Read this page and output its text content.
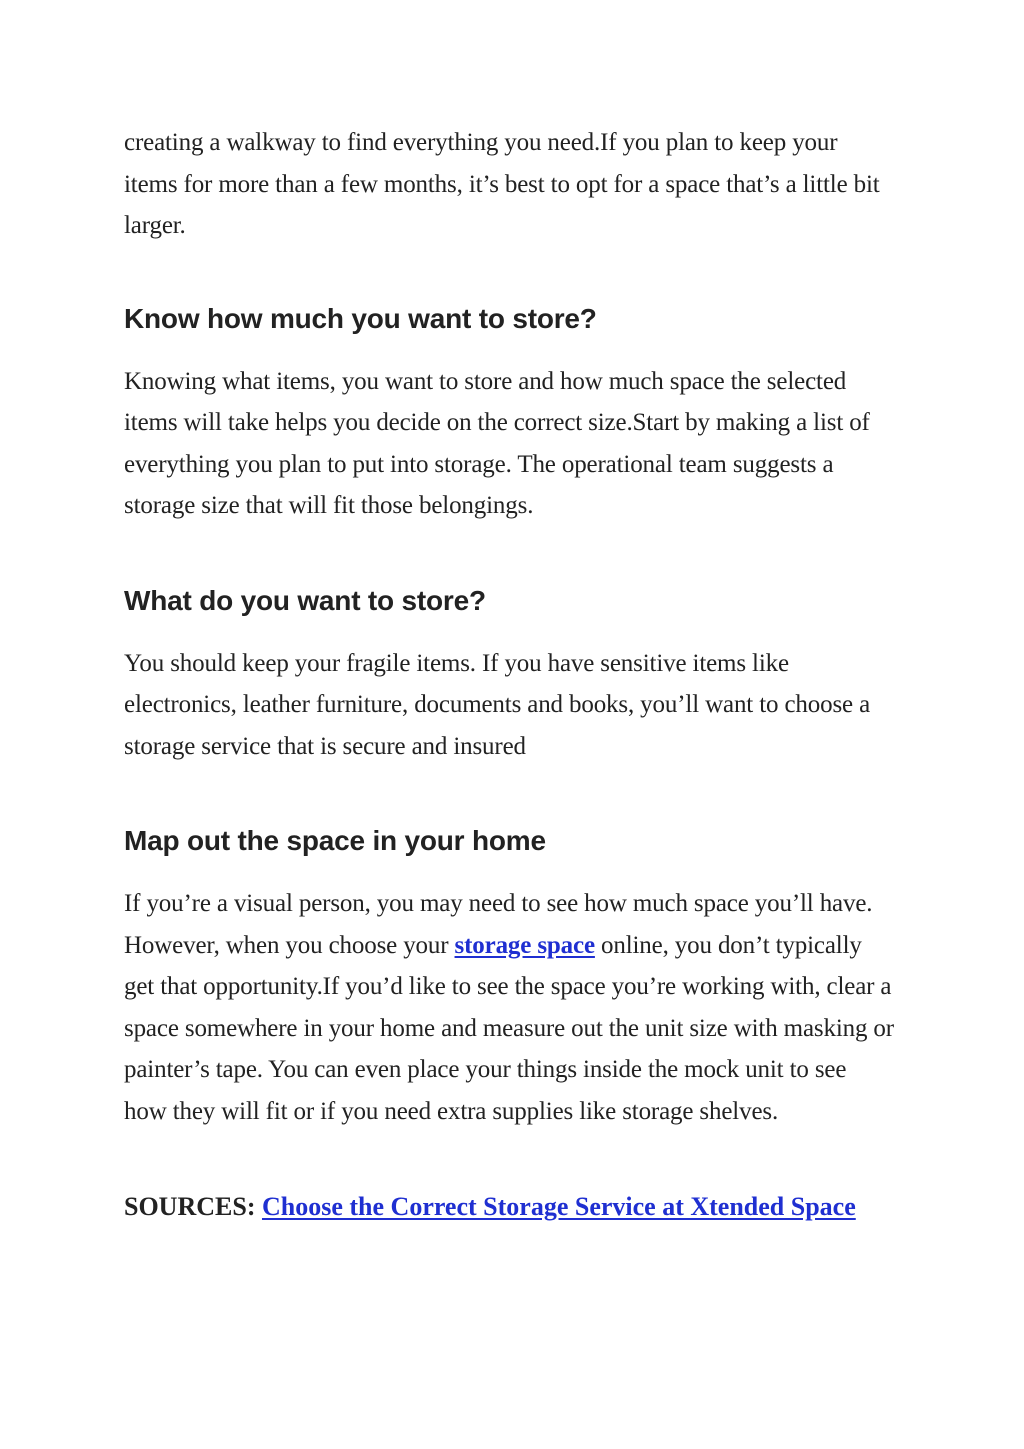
creating a walkway to find everything you need.If you plan to keep your items for more than a few months, it’s best to opt for a space that’s a little bit larger.

Know how much you want to store?

Knowing what items, you want to store and how much space the selected items will take helps you decide on the correct size.Start by making a list of everything you plan to put into storage. The operational team suggests a storage size that will fit those belongings.

What do you want to store?

You should keep your fragile items. If you have sensitive items like electronics, leather furniture, documents and books, you’ll want to choose a storage service that is secure and insured

Map out the space in your home

If you’re a visual person, you may need to see how much space you’ll have. However, when you choose your storage space online, you don’t typically get that opportunity.If you’d like to see the space you’re working with, clear a space somewhere in your home and measure out the unit size with masking or painter’s tape. You can even place your things inside the mock unit to see how they will fit or if you need extra supplies like storage shelves.

SOURCES: Choose the Correct Storage Service at Xtended Space
